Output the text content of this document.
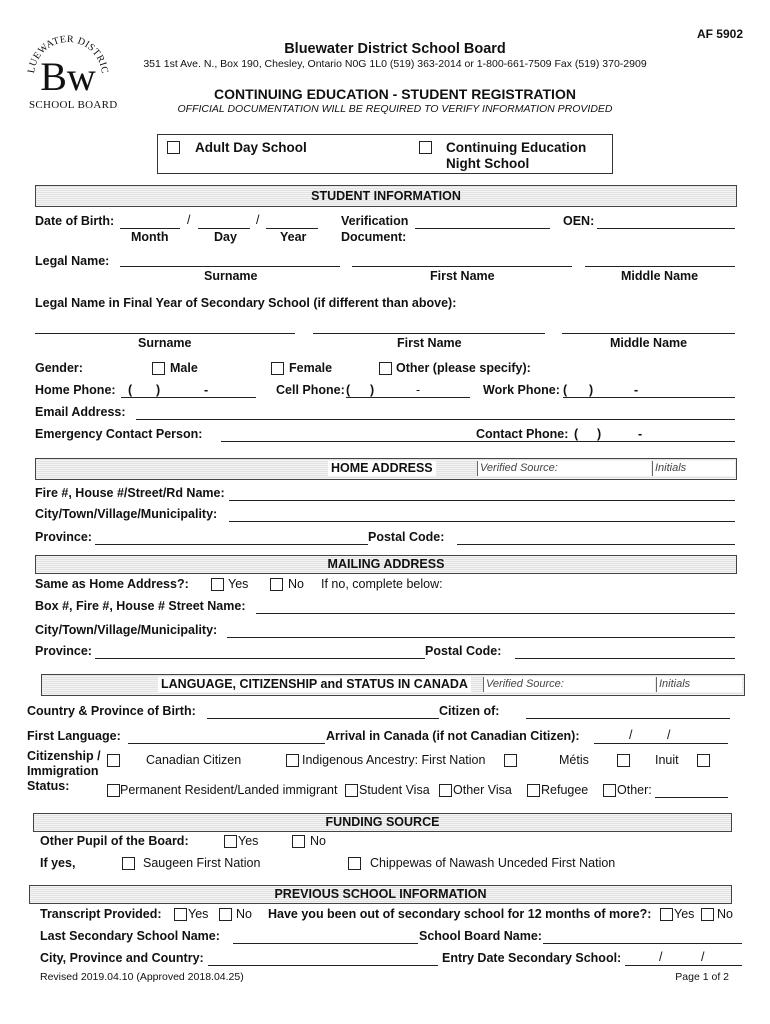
AF 5902
LUEWATER DISTRIC
Bw
SCHOOL BOARD
Bluewater District School Board
351 1st Ave. N., Box 190, Chesley, Ontario N0G 1L0 (519) 363-2014 or 1-800-661-7509 Fax (519) 370-2909
CONTINUING EDUCATION - STUDENT REGISTRATION
OFFICIAL DOCUMENTATION WILL BE REQUIRED TO VERIFY INFORMATION PROVIDED
Adult Day School	Continuing Education
Night School
STUDENT INFORMATION
Date of Birth:	/	/
Month	Day	Year
Verification
Document:
OEN:
Legal Name:
Surname	First Name	Middle Name
Legal Name in Final Year of Secondary School (if different than above):
Surname	First Name	Middle Name
Gender:	Male	Female	Other (please specify):
Home Phone: ( )	-	Cell Phone: ( )	-	Work Phone: ( )	-
Email Address:
Emergency Contact Person:	Contact Phone: ( )	-
HOME ADDRESS	Verified Source:	Initials
Fire #, House #/Street/Rd Name:
City/Town/Village/Municipality:
Province:	Postal Code:
MAILING ADDRESS
Same as Home Address?:	Yes	No If no, complete below:
Box #, Fire #, House # Street Name:
City/Town/Village/Municipality:
Province:	Postal Code:
LANGUAGE, CITIZENSHIP and STATUS IN CANADA Verified Source:	Initials
Country & Province of Birth:	Citizen of:
First Language:	Arrival in Canada (if not Canadian Citizen):	/	/
Citizenship /
Immigration
Status:
Canadian Citizen	Indigenous Ancestry: First Nation	Métis	Inuit
Permanent Resident/Landed immigrant Student Visa Other Visa Refugee Other:
FUNDING SOURCE
Other Pupil of the Board:	Yes	No
If yes,	Saugeen First Nation	Chippewas of Nawash Unceded First Nation
PREVIOUS SCHOOL INFORMATION
Transcript Provided: Yes No Have you been out of secondary school for 12 months of more?: Yes No
Last Secondary School Name:	School Board Name:
City, Province and Country:	Entry Date Secondary School:	/	/
Revised 2019.04.10 (Approved 2018.04.25)	Page 1 of 2
